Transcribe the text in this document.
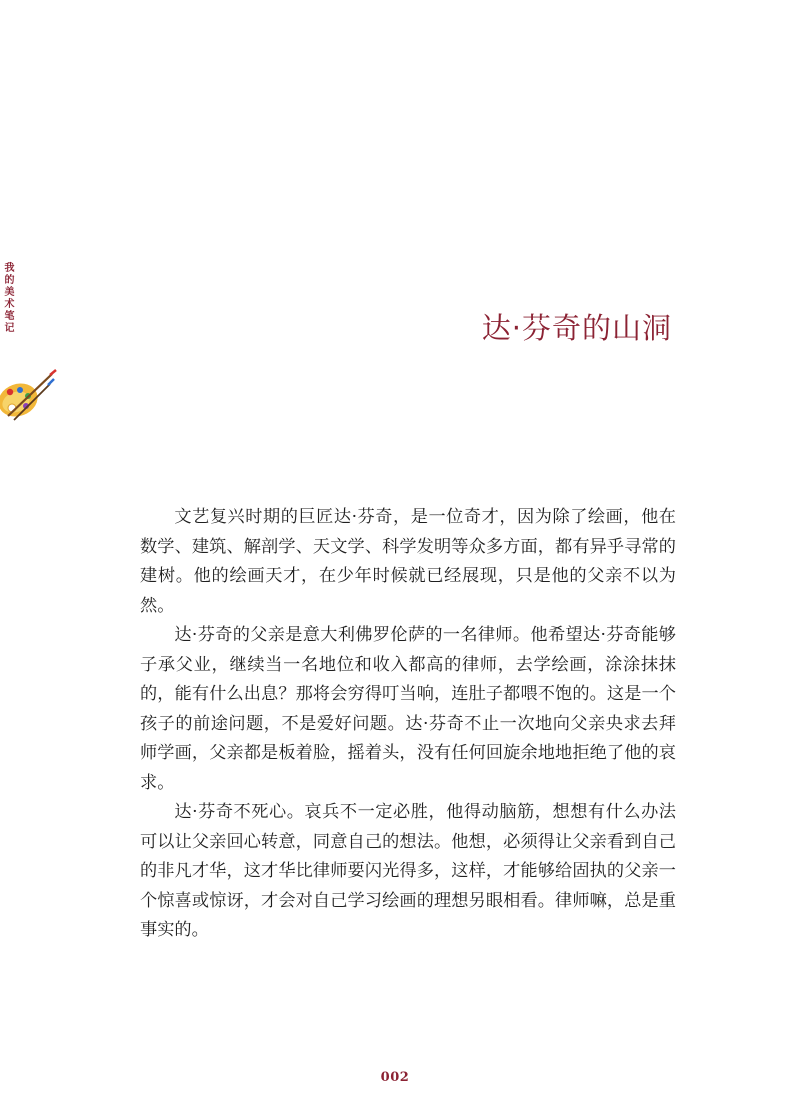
我的美术笔记	达·芬奇的山洞

文艺复兴时期的巨匠达·芬奇，是一位奇才，因为除了绘画，他在数学、建筑、解剖学、天文学、科学发明等众多方面，都有异乎寻常的建树。他的绘画天才，在少年时候就已经展现，只是他的父亲不以为然。

达·芬奇的父亲是意大利佛罗伦萨的一名律师。他希望达·芬奇能够子承父业，继续当一名地位和收入都高的律师，去学绘画，涂涂抹抹的，能有什么出息？那将会穷得叮当响，连肚子都喂不饱的。这是一个孩子的前途问题，不是爱好问题。达·芬奇不止一次地向父亲央求去拜师学画，父亲都是板着脸，摇着头，没有任何回旋余地地拒绝了他的哀求。

达·芬奇不死心。哀兵不一定必胜，他得动脑筋，想想有什么办法可以让父亲回心转意，同意自己的想法。他想，必须得让父亲看到自己的非凡才华，这才华比律师要闪光得多，这样，才能够给固执的父亲一个惊喜或惊讶，才会对自己学习绘画的理想另眼相看。律师嘛，总是重事实的。

002
